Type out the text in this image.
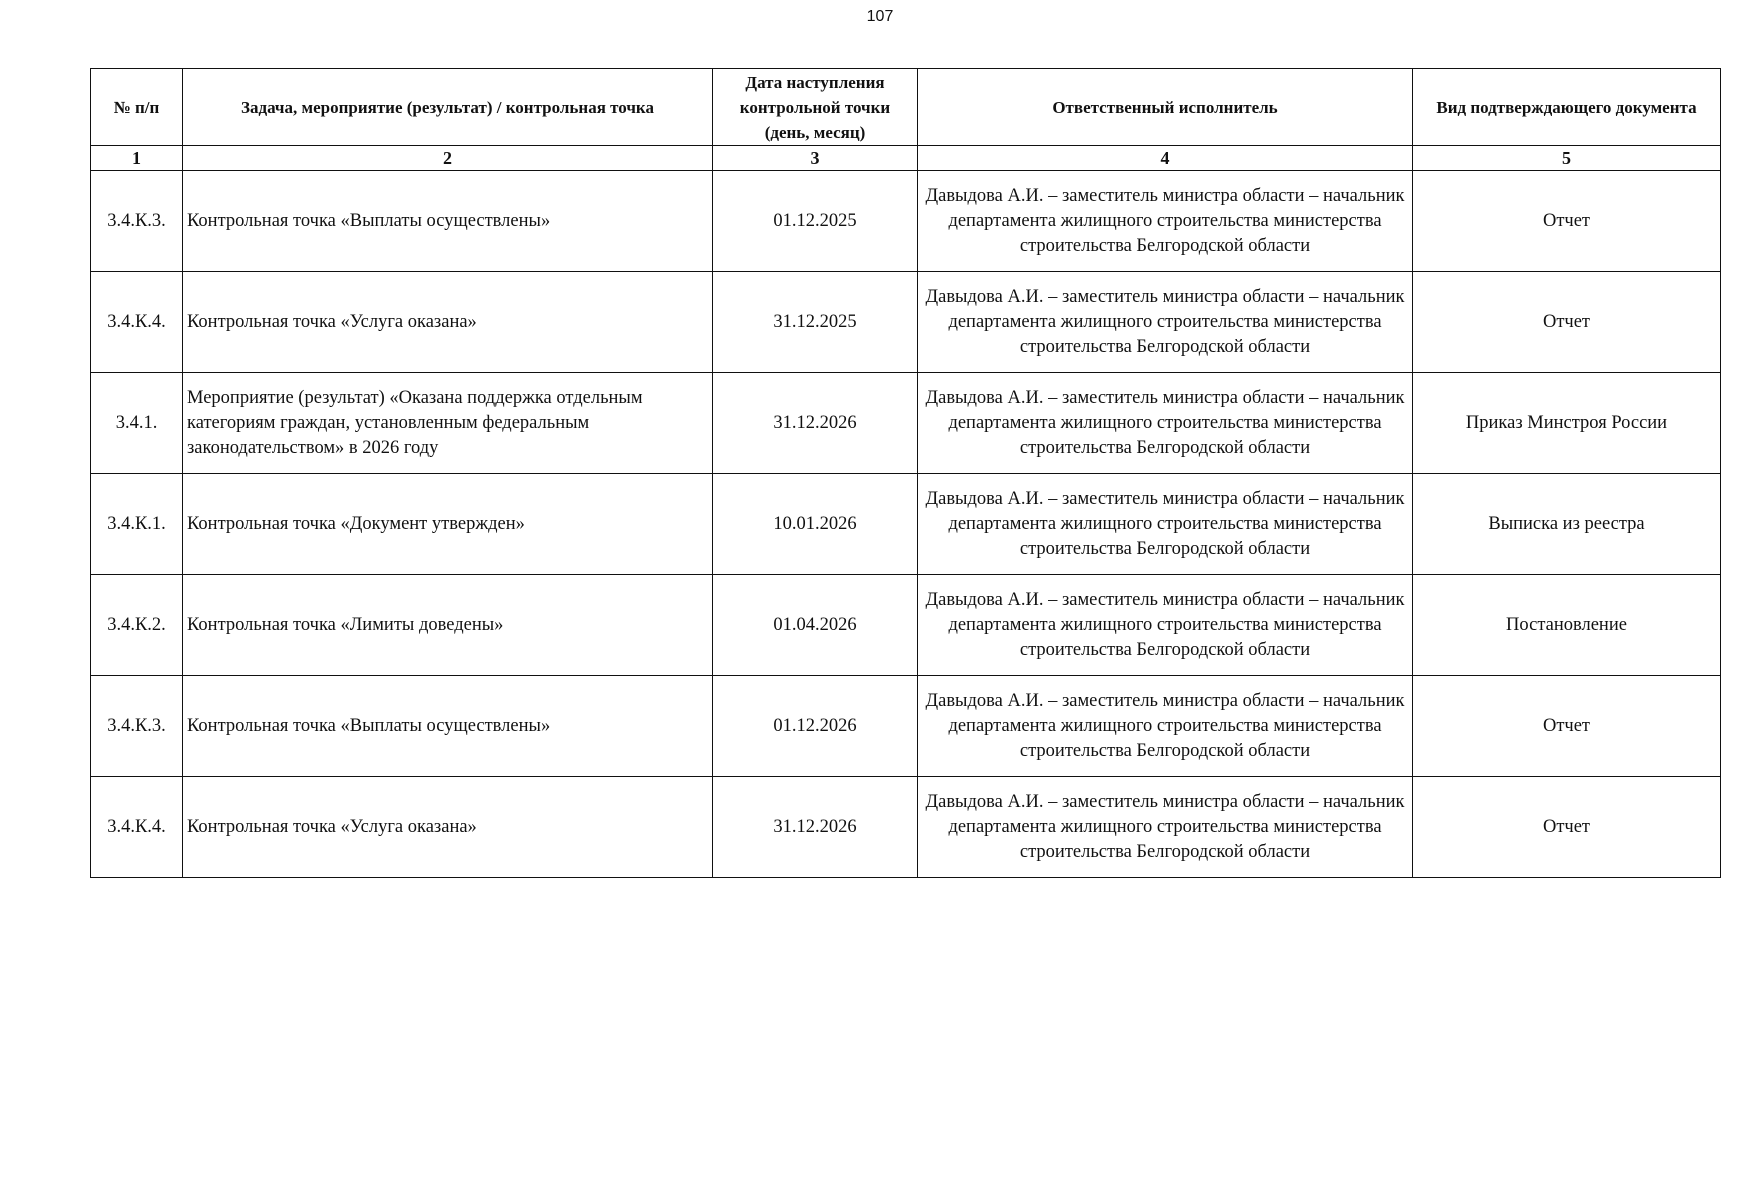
107
№ п/п	Задача, мероприятие (результат) / контрольная точка	Дата наступления контрольной точки (день, месяц)	Ответственный исполнитель	Вид подтверждающего документа
1	2	3	4	5
3.4.К.3.	Контрольная точка «Выплаты осуществлены»	01.12.2025	Давыдова А.И. – заместитель министра области – начальник департамента жилищного строительства министерства строительства Белгородской области	Отчет
3.4.К.4.	Контрольная точка «Услуга оказана»	31.12.2025	Давыдова А.И. – заместитель министра области – начальник департамента жилищного строительства министерства строительства Белгородской области	Отчет
3.4.1.	Мероприятие (результат) «Оказана поддержка отдельным категориям граждан, установленным федеральным законодательством» в 2026 году	31.12.2026	Давыдова А.И. – заместитель министра области – начальник департамента жилищного строительства министерства строительства Белгородской области	Приказ Минстроя России
3.4.К.1.	Контрольная точка «Документ утвержден»	10.01.2026	Давыдова А.И. – заместитель министра области – начальник департамента жилищного строительства министерства строительства Белгородской области	Выписка из реестра
3.4.К.2.	Контрольная точка «Лимиты доведены»	01.04.2026	Давыдова А.И. – заместитель министра области – начальник департамента жилищного строительства министерства строительства Белгородской области	Постановление
3.4.К.3.	Контрольная точка «Выплаты осуществлены»	01.12.2026	Давыдова А.И. – заместитель министра области – начальник департамента жилищного строительства министерства строительства Белгородской области	Отчет
3.4.К.4.	Контрольная точка «Услуга оказана»	31.12.2026	Давыдова А.И. – заместитель министра области – начальник департамента жилищного строительства министерства строительства Белгородской области	Отчет
